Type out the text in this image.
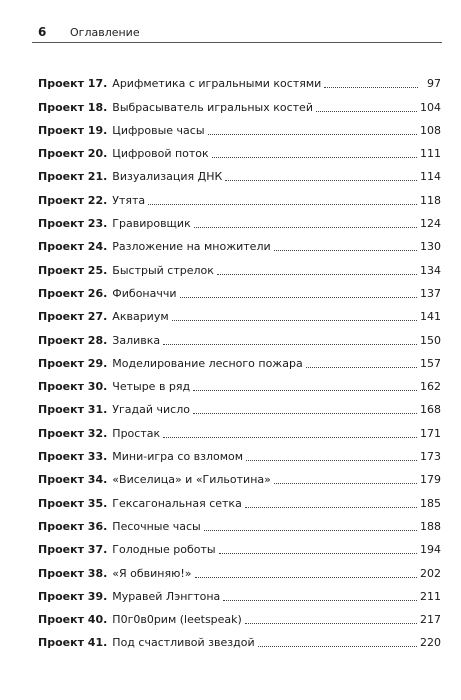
6	Оглавление
Проект 17. Арифметика с игральными костями	97
Проект 18. Выбрасыватель игральных костей	104
Проект 19. Цифровые часы	108
Проект 20. Цифровой поток	111
Проект 21. Визуализация ДНК	114
Проект 22. Утята	118
Проект 23. Гравировщик	124
Проект 24. Разложение на множители	130
Проект 25. Быстрый стрелок	134
Проект 26. Фибоначчи	137
Проект 27. Аквариум	141
Проект 28. Заливка	150
Проект 29. Моделирование лесного пожара	157
Проект 30. Четыре в ряд	162
Проект 31. Угадай число	168
Проект 32. Простак	171
Проект 33. Мини-игра со взломом	173
Проект 34. «Виселица» и «Гильотина»	179
Проект 35. Гексагональная сетка	185
Проект 36. Песочные часы	188
Проект 37. Голодные роботы	194
Проект 38. «Я обвиняю!»	202
Проект 39. Муравей Лэнгтона	211
Проект 40. П0г0в0рим (leetspeak)	217
Проект 41. Под счастливой звездой	220
